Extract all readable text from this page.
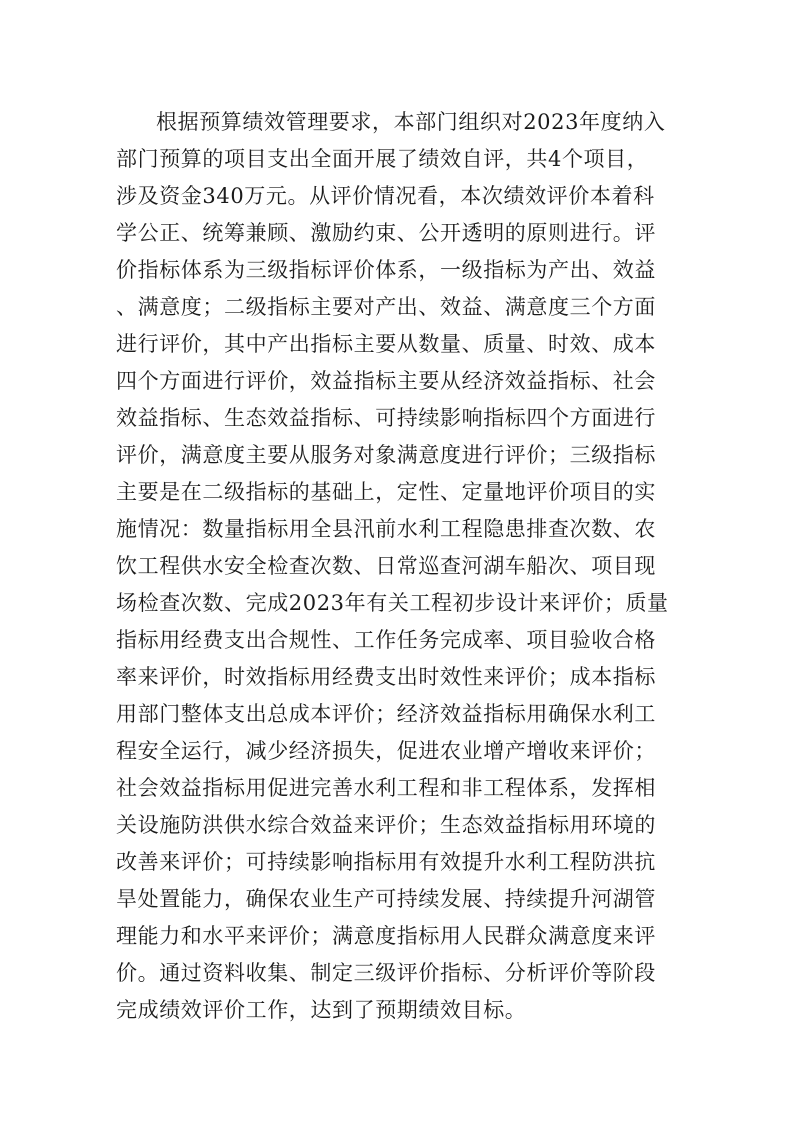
根据预算绩效管理要求，本部门组织对2023年度纳入
部门预算的项目支出全面开展了绩效自评，共4个项目，
涉及资金340万元。从评价情况看，本次绩效评价本着科
学公正、统筹兼顾、激励约束、公开透明的原则进行。评
价指标体系为三级指标评价体系，一级指标为产出、效益
、满意度；二级指标主要对产出、效益、满意度三个方面
进行评价，其中产出指标主要从数量、质量、时效、成本
四个方面进行评价，效益指标主要从经济效益指标、社会
效益指标、生态效益指标、可持续影响指标四个方面进行
评价，满意度主要从服务对象满意度进行评价；三级指标
主要是在二级指标的基础上，定性、定量地评价项目的实
施情况：数量指标用全县汛前水利工程隐患排查次数、农
饮工程供水安全检查次数、日常巡查河湖车船次、项目现
场检查次数、完成2023年有关工程初步设计来评价；质量
指标用经费支出合规性、工作任务完成率、项目验收合格
率来评价，时效指标用经费支出时效性来评价；成本指标
用部门整体支出总成本评价；经济效益指标用确保水利工
程安全运行，减少经济损失，促进农业增产增收来评价；
社会效益指标用促进完善水利工程和非工程体系，发挥相
关设施防洪供水综合效益来评价；生态效益指标用环境的
改善来评价；可持续影响指标用有效提升水利工程防洪抗
旱处置能力，确保农业生产可持续发展、持续提升河湖管
理能力和水平来评价；满意度指标用人民群众满意度来评
价。通过资料收集、制定三级评价指标、分析评价等阶段
完成绩效评价工作，达到了预期绩效目标。
